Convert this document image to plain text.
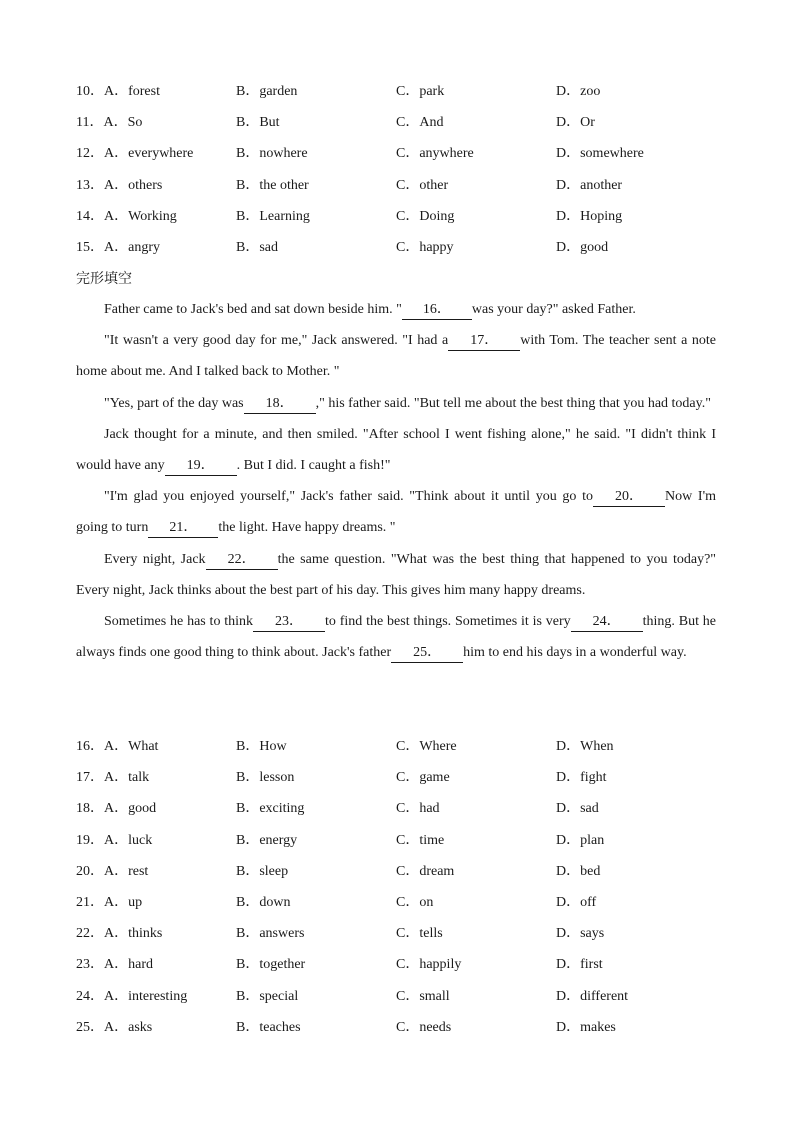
10．A．forest	B．garden	C．park	D．zoo
11．A．So	B．But	C．And	D．Or
12．A．everywhere	B．nowhere	C．anywhere	D．somewhere
13．A．others	B．the other	C．other	D．another
14．A．Working	B．Learning	C．Doing	D．Hoping
15．A．angry	B．sad	C．happy	D．good
完形填空

Father came to Jack's bed and sat down beside him. " 16． was your day?" asked Father.

"It wasn't a very good day for me," Jack answered. "I had a 17． with Tom. The teacher sent a note home about me. And I talked back to Mother. "

"Yes, part of the day was 18． ," his father said. "But tell me about the best thing that you had today."

Jack thought for a minute, and then smiled. "After school I went fishing alone," he said. "I didn't think I would have any 19． . But I did. I caught a fish!"

"I'm glad you enjoyed yourself," Jack's father said. "Think about it until you go to 20． Now I'm going to turn 21． the light. Have happy dreams. "

Every night, Jack 22． the same question. "What was the best thing that happened to you today?" Every night, Jack thinks about the best part of his day. This gives him many happy dreams.

Sometimes he has to think 23． to find the best things. Sometimes it is very 24． thing. But he always finds one good thing to think about. Jack's father 25． him to end his days in a wonderful way.

16．A．What	B．How	C．Where	D．When
17．A．talk	B．lesson	C．game	D．fight
18．A．good	B．exciting	C．had	D．sad
19．A．luck	B．energy	C．time	D．plan
20．A．rest	B．sleep	C．dream	D．bed
21．A．up	B．down	C．on	D．off
22．A．thinks	B．answers	C．tells	D．says
23．A．hard	B．together	C．happily	D．first
24．A．interesting	B．special	C．small	D．different
25．A．asks	B．teaches	C．needs	D．makes
